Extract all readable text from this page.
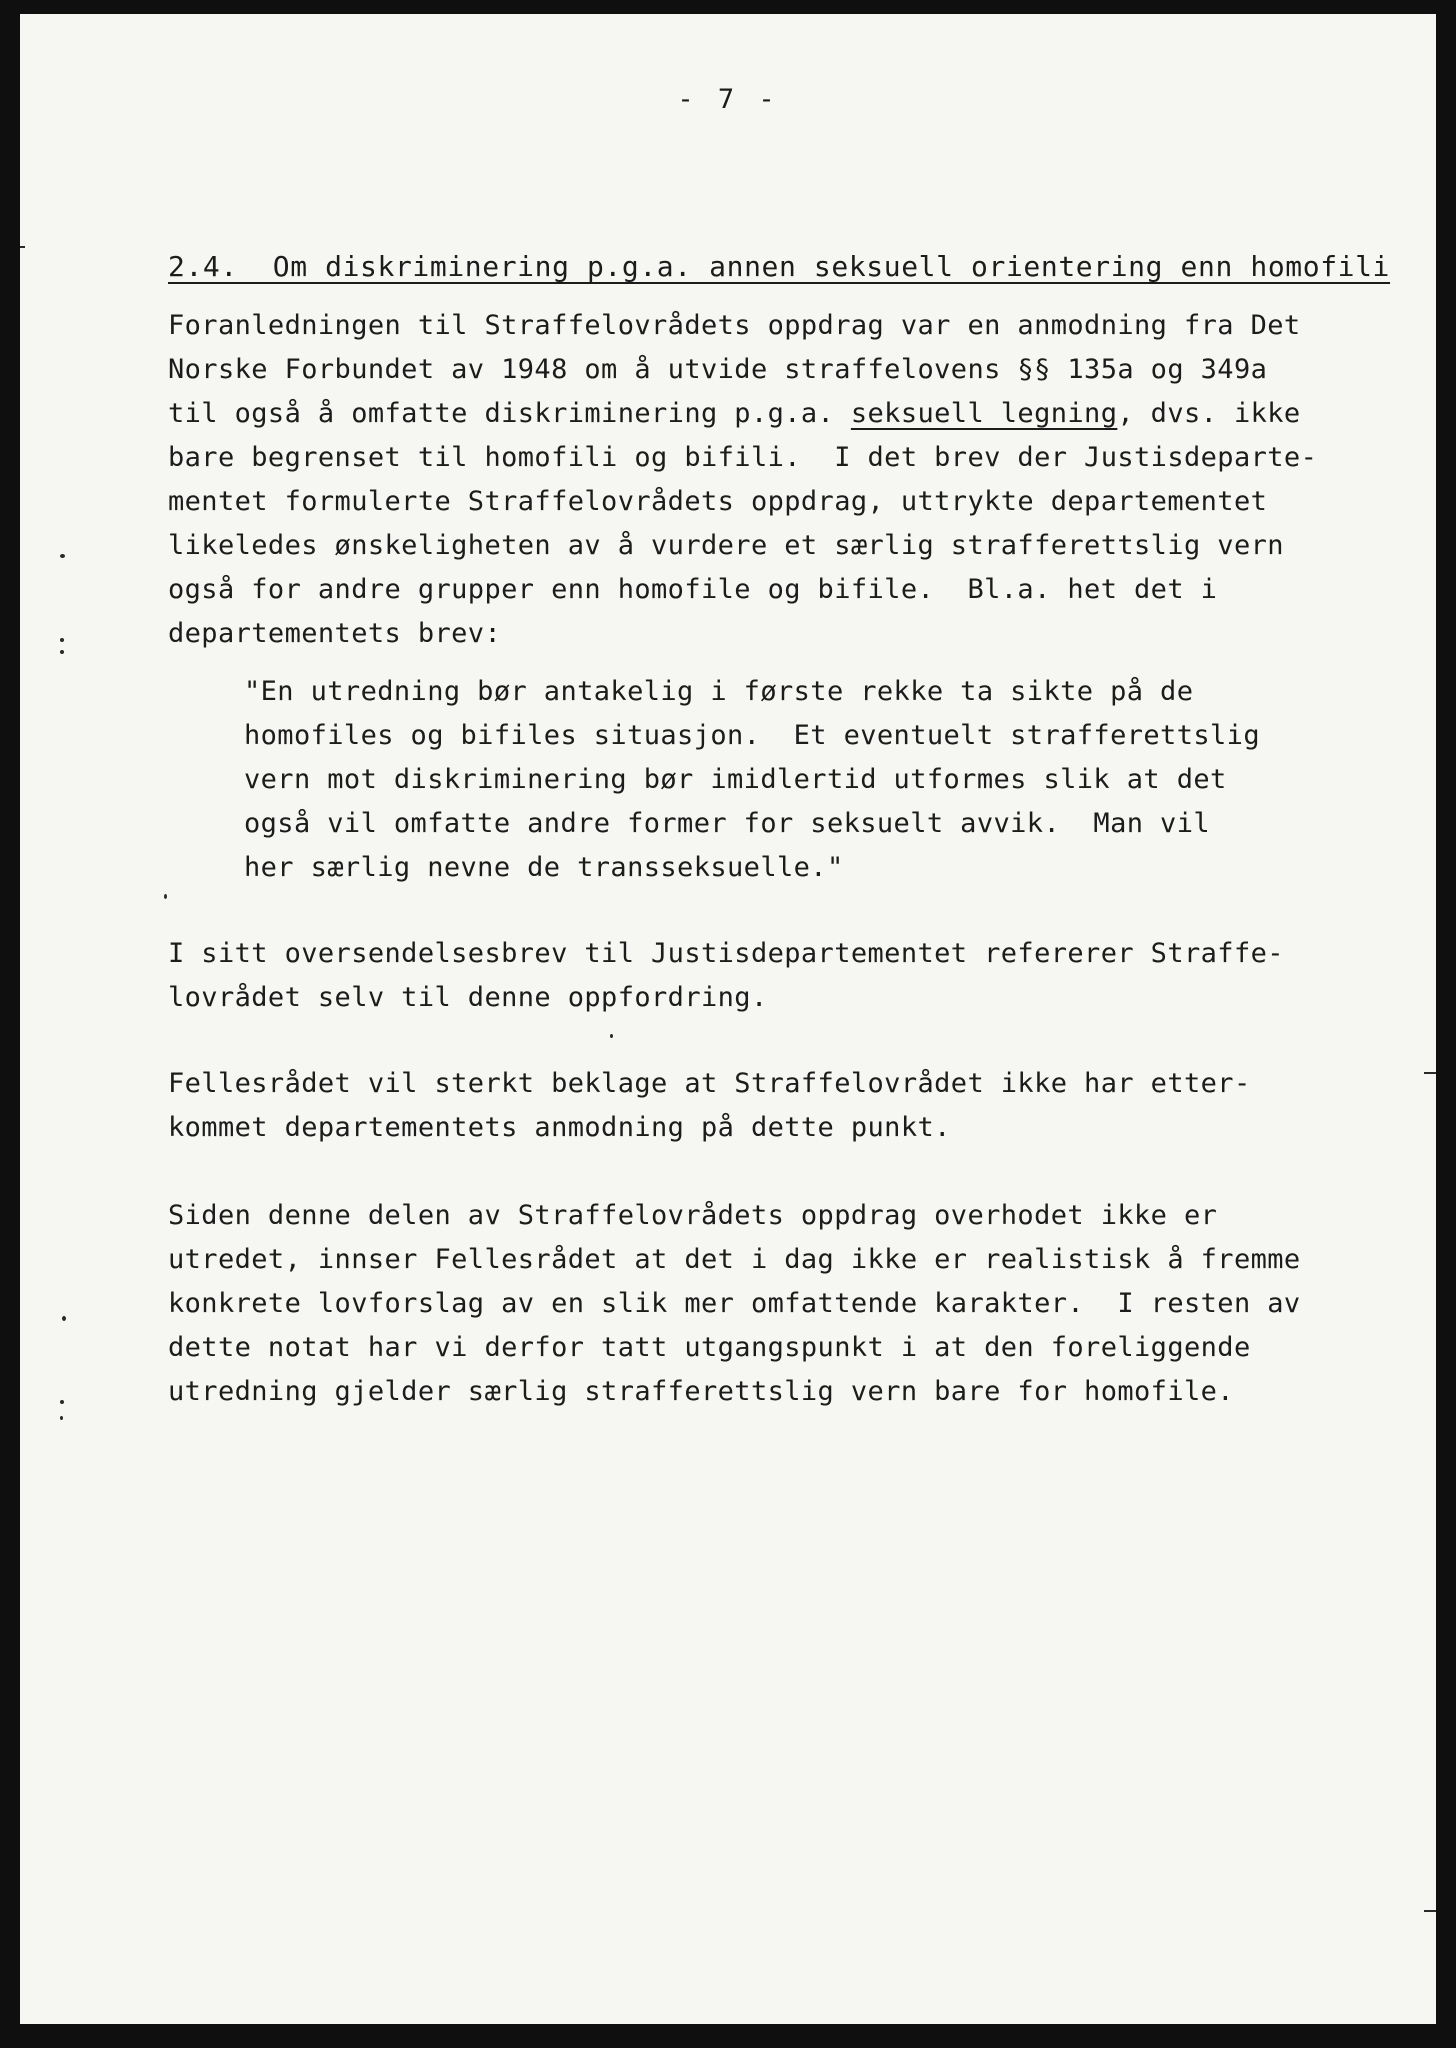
- 7 -
2.4.  Om diskriminering p.g.a. annen seksuell orientering enn homofili
Foranledningen til Straffelovrådets oppdrag var en anmodning fra Det
Norske Forbundet av 1948 om å utvide straffelovens §§ 135a og 349a
til også å omfatte diskriminering p.g.a. seksuell legning, dvs. ikke
bare begrenset til homofili og bifili.  I det brev der Justisdeparte-
mentet formulerte Straffelovrådets oppdrag, uttrykte departementet
likeledes ønskeligheten av å vurdere et særlig strafferettslig vern
også for andre grupper enn homofile og bifile.  Bl.a. het det i
departementets brev:
"En utredning bør antakelig i første rekke ta sikte på de
homofiles og bifiles situasjon.  Et eventuelt strafferettslig
vern mot diskriminering bør imidlertid utformes slik at det
også vil omfatte andre former for seksuelt avvik.  Man vil
her særlig nevne de transseksuelle."
I sitt oversendelsesbrev til Justisdepartementet refererer Straffe-
lovrådet selv til denne oppfordring.
Fellesrådet vil sterkt beklage at Straffelovrådet ikke har etter-
kommet departementets anmodning på dette punkt.
Siden denne delen av Straffelovrådets oppdrag overhodet ikke er
utredet, innser Fellesrådet at det i dag ikke er realistisk å fremme
konkrete lovforslag av en slik mer omfattende karakter.  I resten av
dette notat har vi derfor tatt utgangspunkt i at den foreliggende
utredning gjelder særlig strafferettslig vern bare for homofile.
